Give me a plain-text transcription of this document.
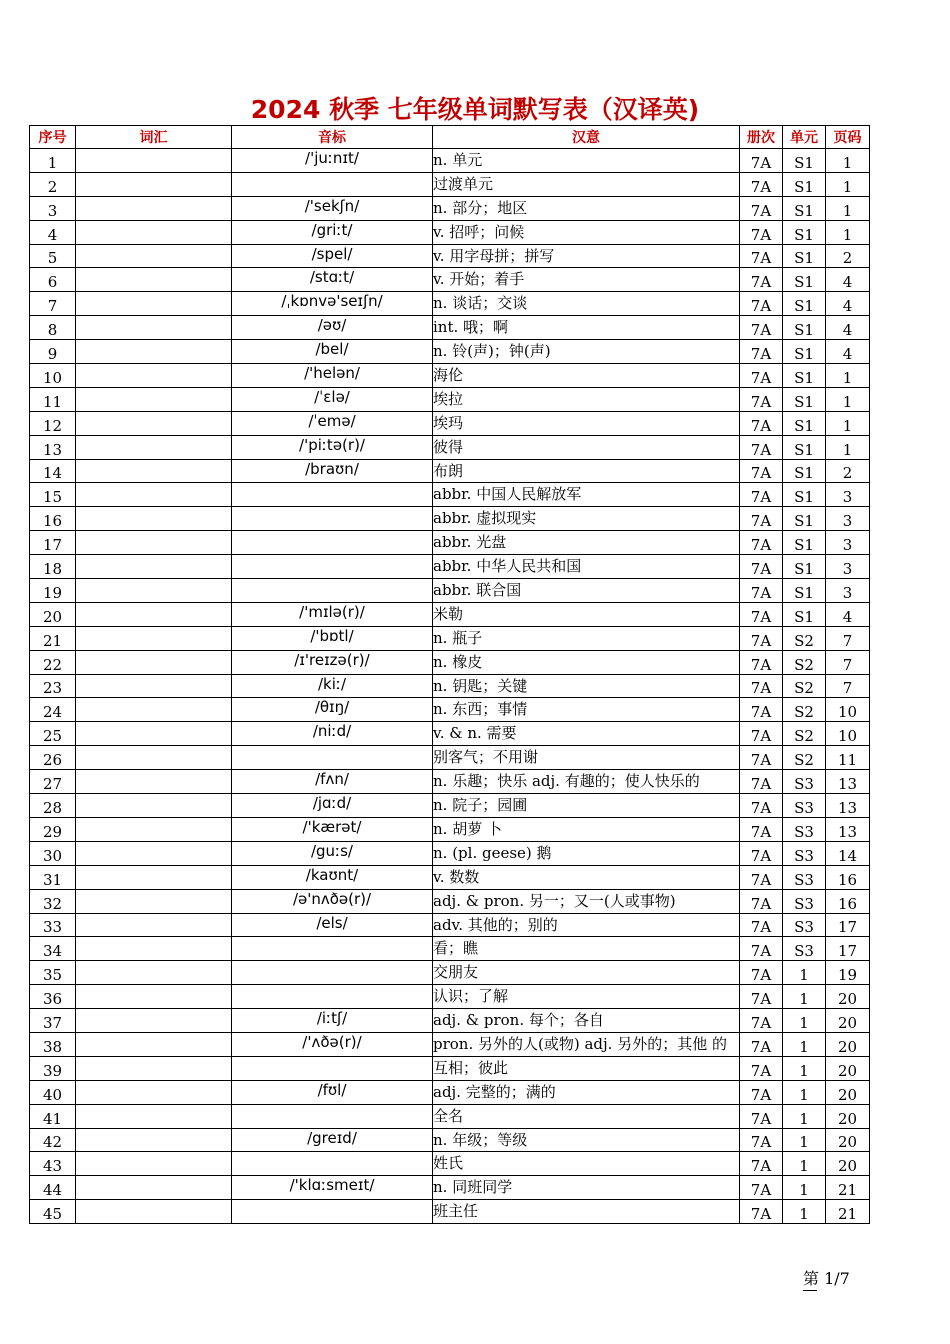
2024 秋季 七年级单词默写表（汉译英)
序号	词汇	音标	汉意	册次	单元	页码
1		/'juːnɪt/	n. 单元	7A	S1	1
2			过渡单元	7A	S1	1
3		/'sekʃn/	n. 部分；地区	7A	S1	1
4		/griːt/	v. 招呼；问候	7A	S1	1
5		/spel/	v. 用字母拼；拼写	7A	S1	2
6		/stɑːt/	v. 开始；着手	7A	S1	4
7		/ˌkɒnvə'seɪʃn/	n. 谈话；交谈	7A	S1	4
8		/əʊ/	int. 哦；啊	7A	S1	4
9		/bel/	n. 铃(声)；钟(声)	7A	S1	4
10		/'helən/	海伦	7A	S1	1
11		/ˈɛlə/	埃拉	7A	S1	1
12		/ˈemə/	埃玛	7A	S1	1
13		/'piːtə(r)/	彼得	7A	S1	1
14		/braʊn/	布朗	7A	S1	2
15			abbr. 中国人民解放军	7A	S1	3
16			abbr. 虚拟现实	7A	S1	3
17			abbr. 光盘	7A	S1	3
18			abbr. 中华人民共和国	7A	S1	3
19			abbr. 联合国	7A	S1	3
20		/'mɪlə(r)/	米勒	7A	S1	4
21		/'bɒtl/	n. 瓶子	7A	S2	7
22		/ɪ'reɪzə(r)/	n. 橡皮	7A	S2	7
23		/kiː/	n. 钥匙；关键	7A	S2	7
24		/θɪŋ/	n. 东西；事情	7A	S2	10
25		/niːd/	v. & n. 需要	7A	S2	10
26			别客气；不用谢	7A	S2	11
27		/fʌn/	n. 乐趣；快乐 adj. 有趣的；使人快乐的	7A	S3	13
28		/jɑːd/	n. 院子；园圃	7A	S3	13
29		/'kærət/	n. 胡萝 卜	7A	S3	13
30		/guːs/	n. (pl. geese) 鹅	7A	S3	14
31		/kaʊnt/	v. 数数	7A	S3	16
32		/ə'nʌðə(r)/	adj. & pron. 另一；又一(人或事物)	7A	S3	16
33		/els/	adv. 其他的；别的	7A	S3	17
34			看；瞧	7A	S3	17
35			交朋友	7A	1	19
36			认识；了解	7A	1	20
37		/iːtʃ/	adj. & pron. 每个；各自	7A	1	20
38		/'ʌðə(r)/	pron. 另外的人(或物) adj. 另外的；其他 的	7A	1	20
39			互相；彼此	7A	1	20
40		/fʊl/	adj. 完整的；满的	7A	1	20
41			全名	7A	1	20
42		/greɪd/	n. 年级；等级	7A	1	20
43			姓氏	7A	1	20
44		/'klɑːsmeɪt/	n. 同班同学	7A	1	21
45			班主任	7A	1	21
第 1/7
